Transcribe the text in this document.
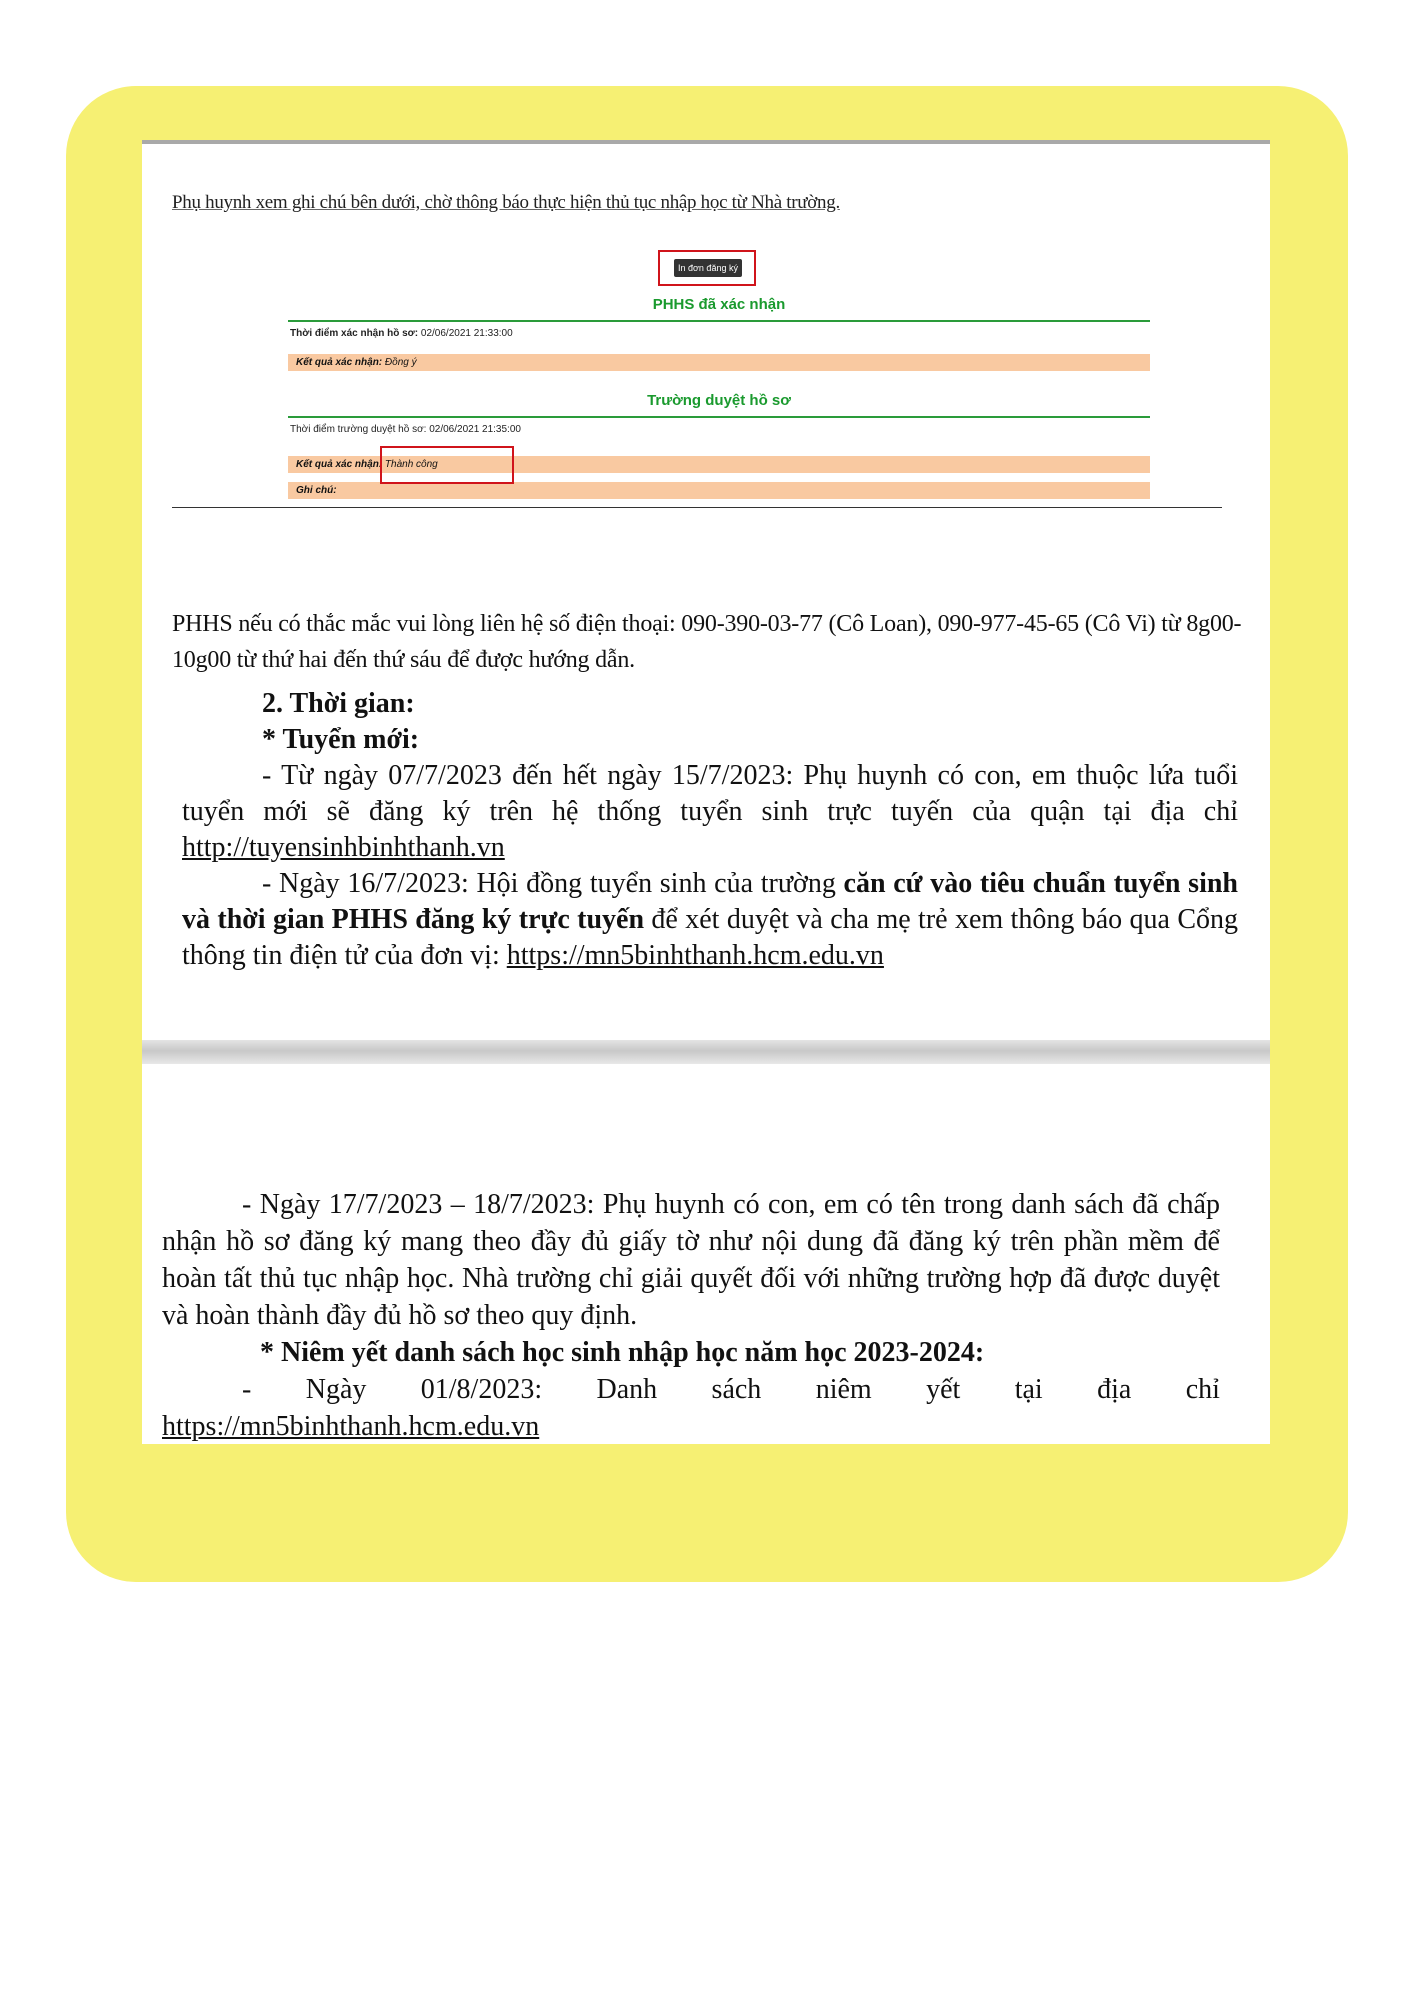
Phụ huynh xem ghi chú bên dưới, chờ thông báo thực hiện thủ tục nhập học từ Nhà trường.
In đơn đăng ký
PHHS đã xác nhận
Thời điểm xác nhận hồ sơ: 02/06/2021 21:33:00
Kết quả xác nhận: Đồng ý
Trường duyệt hồ sơ
Thời điểm trường duyệt hồ sơ: 02/06/2021 21:35:00
Kết quả xác nhận: Thành công
Ghi chú:
PHHS nếu có thắc mắc vui lòng liên hệ số điện thoại: 090-390-03-77 (Cô Loan), 090-977-45-65 (Cô Vi) từ 8g00-10g00 từ thứ hai đến thứ sáu để được hướng dẫn.

2. Thời gian:

* Tuyển mới:

- Từ ngày 07/7/2023 đến hết ngày 15/7/2023: Phụ huynh có con, em thuộc lứa tuổi tuyển mới sẽ đăng ký trên hệ thống tuyển sinh trực tuyến của quận tại địa chỉ http://tuyensinhbinhthanh.vn

- Ngày 16/7/2023: Hội đồng tuyển sinh của trường căn cứ vào tiêu chuẩn tuyển sinh và thời gian PHHS đăng ký trực tuyến để xét duyệt và cha mẹ trẻ xem thông báo qua Cổng thông tin điện tử của đơn vị: https://mn5binhthanh.hcm.edu.vn

- Ngày 17/7/2023 – 18/7/2023: Phụ huynh có con, em có tên trong danh sách đã chấp nhận hồ sơ đăng ký mang theo đầy đủ giấy tờ như nội dung đã đăng ký trên phần mềm để hoàn tất thủ tục nhập học. Nhà trường chỉ giải quyết đối với những trường hợp đã được duyệt và hoàn thành đầy đủ hồ sơ theo quy định.

* Niêm yết danh sách học sinh nhập học năm học 2023-2024:

- Ngày 01/8/2023: Danh sách niêm yết tại địa chỉ

https://mn5binhthanh.hcm.edu.vn
